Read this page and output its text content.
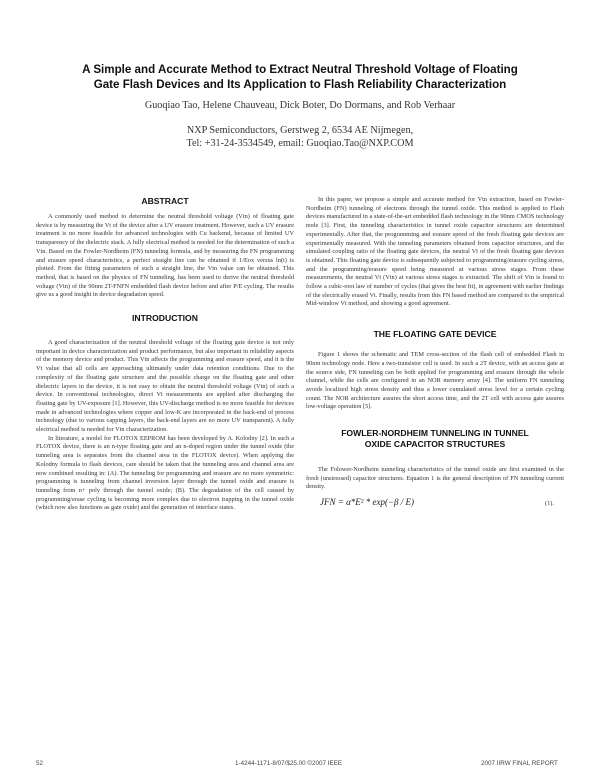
A Simple and Accurate Method to Extract Neutral Threshold Voltage of Floating
Gate Flash Devices and Its Application to Flash Reliability Characterization
Guoqiao Tao, Helene Chauveau, Dick Boter, Do Dormans, and Rob Verhaar
NXP Semiconductors, Gerstweg 2, 6534 AE Nijmegen,
Tel: +31-24-3534549, email: Guoqiao.Tao@NXP.COM
ABSTRACT

A commonly used method to determine the neutral threshold voltage (Vtn) of floating gate device is by measuring the Vt of the device after a UV erasure treatment. However, such a UV erasure treatment is no more feasible for advanced technologies with Cu backend, because of limited UV transparency of the dielectric stack. A fully electrical method is needed for the determination of such a Vtn. Based on the Fowler-Nordheim (FN) tunneling formula, and by measuring the FN programming and erasure speed characteristics, a perfect straight line can be obtained if 1/Eox versus ln(t) is plotted. From the fitting parameters of such a straight line, the Vtn value can be obtained. This method, that is based on the physics of FN tunneling, has been used to derive the neutral threshold voltage (Vtn) of the 90nm 2T-FNFN embedded flash device before and after P/E cycling. The results give us a good insight in device degradation speed.

INTRODUCTION

A good characterization of the neutral threshold voltage of the floating gate device is not only important in device characterization and product performance, but also important in reliability aspects of the memory device and product. This Vtn affects the programming and erasure speed, and it is the Vt value that all cells are approaching ultimately under data retention conditions. Due to the complexity of the floating gate structure and the possible charge on the floating gate and other dielectric layers in the device, it is not easy to obtain the neutral threshold voltage (Vtn) of such a device. In conventional technologies, direct Vt measurements are applied after discharging the floating gate by UV-exposure [1]. However, this UV-discharge method is no more feasible for devices made in advanced technologies where copper and low-K are incorporated in the back-end of process technology (due to various capping layers, the back-end layers are no more UV transparent). A fully electrical method is needed for Vtn characterization.

In literature, a model for FLOTOX EEPROM has been developed by A. Kolodny [2]. In such a FLOTOX device, there is an n-type floating gate and an n-doped region under the tunnel oxide (the tunneling area is separates from the channel area in the FLOTOX device). When applying the Kolodny formula to flash devices, care should be taken that the tunneling area and channel area are now combined resulting in: (A). The tunneling for programming and erasure are no more symmetric: programming is tunneling from channel inversion layer through the tunnel oxide and erasure is tunneling from n+ poly through the tunnel oxide; (B). The degradation of the cell caused by programming/erase cycling is becoming more complex due to electron trapping in the tunnel oxide (which now also functions as gate oxide) and the generation of interface states.

In this paper, we propose a simple and accurate method for Vtn extraction, based on Fowler-Nordheim (FN) tunneling of electrons through the tunnel oxide. This method is applied to Flash devices manufactured in a state-of-the-art embedded flash technology in the 90nm CMOS technology node [3]. First, the tunneling characteristics in tunnel oxide capacitor structures are determined experimentally. After that, the programming and erasure speed of the fresh floating gate devices are experimentally measured. With the tunneling parameters obtained from capacitor structures, and the simulated coupling ratio of the floating gate devices, the neutral Vt of the fresh floating gate devices is obtained. This floating gate device is subsequently subjected to programming/erasure cycling stress, and the programming/erasure speed being measured at various stress stages. From these measurements, the neutral Vt (Vtn) at various stress stages is extracted. The shift of Vtn is found to follow a cubic-root law of number of cycles (that gives the best fit), in agreement with earlier findings of the electrically erased Vt. Finally, results from this FN based method are compared to the empirical Mid-window Vt method, and showing a good agreement.

THE FLOATING GATE DEVICE

Figure 1 shows the schematic and TEM cross-section of the flash cell of embedded Flash in 90nm technology node. Here a two-transistor cell is used. In such a 2T device, with an access gate at the source side, FN tunneling can be both applied for programming and erasure through the whole channel, while the cells are configured in an NOR memory array [4]. The uniform FN tunneling avoids localized high stress density and thus a lower cumulated stress level for a certain cycling count. The NOR architecture assures the short access time, and the 2T cell with access gate assures low-voltage operation [5].

FOWLER-NORDHEIM TUNNELING IN TUNNEL
OXIDE CAPACITOR STRUCTURES

The Folower-Nordheim tunneling characteristics of the tunnel oxide are first examined in the fresh (unstressed) capacitor structures. Equation 1 is the general description of FN tunneling current density.

JFN = α*E² * exp(−β / E)	(1).
52	1-4244-1171-8/07/$25.00 ©2007 IEEE	2007 IIRW FINAL REPORT
